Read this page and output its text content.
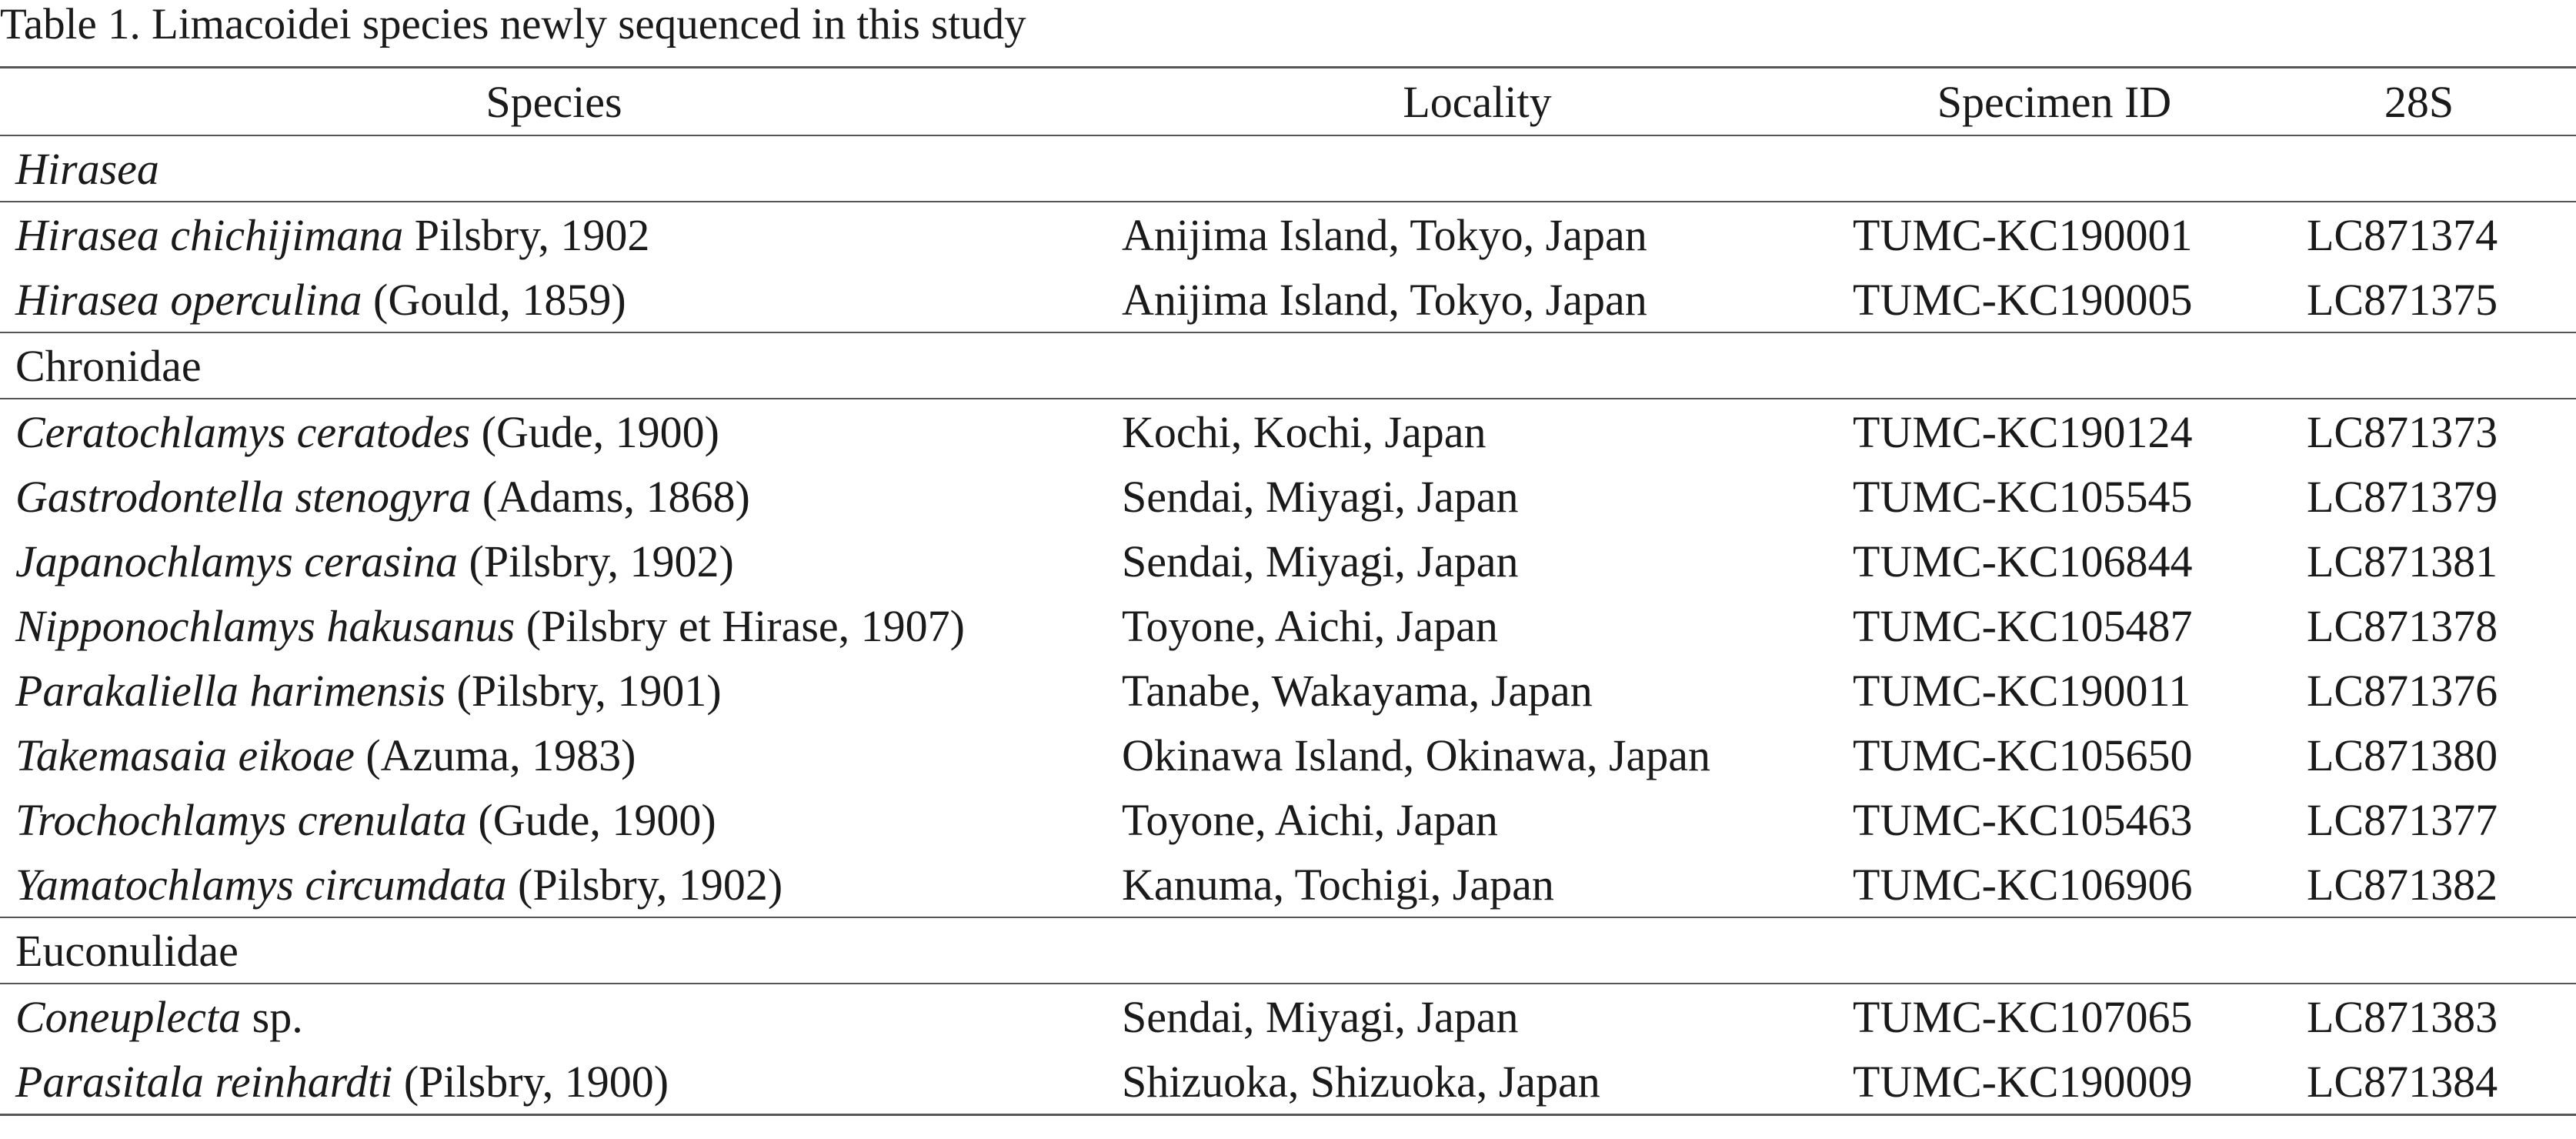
Table 1. Limacoidei species newly sequenced in this study
Species	Locality	Specimen ID	28S
Hirasea			
Hirasea chichijimana Pilsbry, 1902	Anijima Island, Tokyo, Japan	TUMC-KC190001	LC871374
Hirasea operculina (Gould, 1859)	Anijima Island, Tokyo, Japan	TUMC-KC190005	LC871375
Chronidae			
Ceratochlamys ceratodes (Gude, 1900)	Kochi, Kochi, Japan	TUMC-KC190124	LC871373
Gastrodontella stenogyra (Adams, 1868)	Sendai, Miyagi, Japan	TUMC-KC105545	LC871379
Japanochlamys cerasina (Pilsbry, 1902)	Sendai, Miyagi, Japan	TUMC-KC106844	LC871381
Nipponochlamys hakusanus (Pilsbry et Hirase, 1907)	Toyone, Aichi, Japan	TUMC-KC105487	LC871378
Parakaliella harimensis (Pilsbry, 1901)	Tanabe, Wakayama, Japan	TUMC-KC190011	LC871376
Takemasaia eikoae (Azuma, 1983)	Okinawa Island, Okinawa, Japan	TUMC-KC105650	LC871380
Trochochlamys crenulata (Gude, 1900)	Toyone, Aichi, Japan	TUMC-KC105463	LC871377
Yamatochlamys circumdata (Pilsbry, 1902)	Kanuma, Tochigi, Japan	TUMC-KC106906	LC871382
Euconulidae			
Coneuplecta sp.	Sendai, Miyagi, Japan	TUMC-KC107065	LC871383
Parasitala reinhardti (Pilsbry, 1900)	Shizuoka, Shizuoka, Japan	TUMC-KC190009	LC871384
